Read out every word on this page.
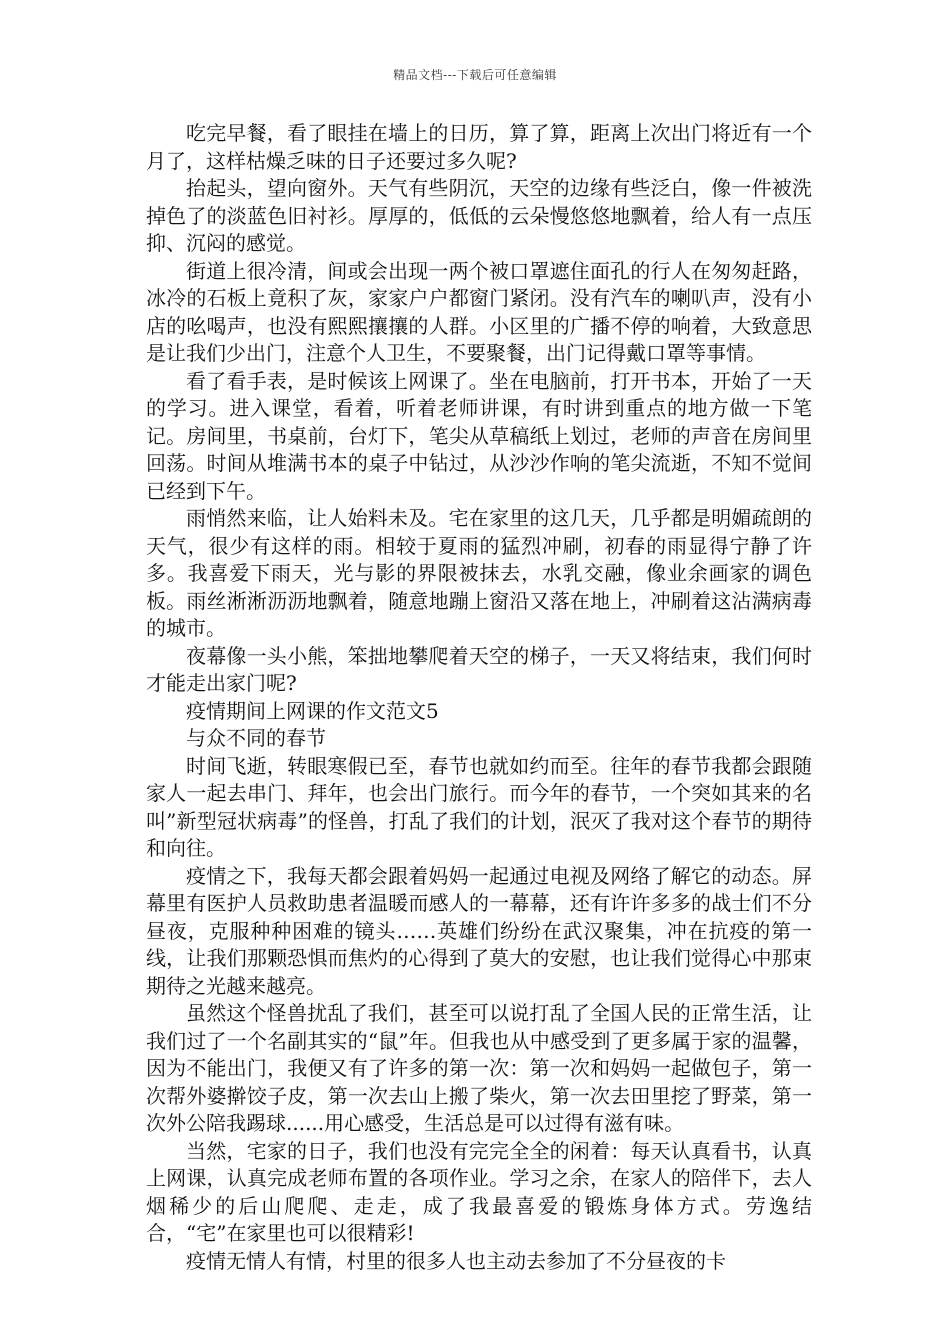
精品文档---下载后可任意编辑

吃完早餐，看了眼挂在墙上的日历，算了算，距离上次出门将近有一个月了，这样枯燥乏味的日子还要过多久呢?

抬起头，望向窗外。天气有些阴沉，天空的边缘有些泛白，像一件被洗掉色了的淡蓝色旧衬衫。厚厚的，低低的云朵慢悠悠地飘着，给人有一点压抑、沉闷的感觉。

街道上很冷清，间或会出现一两个被口罩遮住面孔的行人在匆匆赶路，冰冷的石板上竟积了灰，家家户户都窗门紧闭。没有汽车的喇叭声，没有小店的吆喝声，也没有熙熙攘攘的人群。小区里的广播不停的响着，大致意思是让我们少出门，注意个人卫生，不要聚餐，出门记得戴口罩等事情。

看了看手表，是时候该上网课了。坐在电脑前，打开书本，开始了一天的学习。进入课堂，看着，听着老师讲课，有时讲到重点的地方做一下笔记。房间里，书桌前，台灯下，笔尖从草稿纸上划过，老师的声音在房间里回荡。时间从堆满书本的桌子中钻过，从沙沙作响的笔尖流逝，不知不觉间已经到下午。

雨悄然来临，让人始料未及。宅在家里的这几天，几乎都是明媚疏朗的天气，很少有这样的雨。相较于夏雨的猛烈冲刷，初春的雨显得宁静了许多。我喜爱下雨天，光与影的界限被抹去，水乳交融，像业余画家的调色板。雨丝淅淅沥沥地飘着，随意地蹦上窗沿又落在地上，冲刷着这沾满病毒的城市。

夜幕像一头小熊，笨拙地攀爬着天空的梯子，一天又将结束，我们何时才能走出家门呢?

疫情期间上网课的作文范文5

与众不同的春节

时间飞逝，转眼寒假已至，春节也就如约而至。往年的春节我都会跟随家人一起去串门、拜年，也会出门旅行。而今年的春节，一个突如其来的名叫”新型冠状病毒”的怪兽，打乱了我们的计划，泯灭了我对这个春节的期待和向往。

疫情之下，我每天都会跟着妈妈一起通过电视及网络了解它的动态。屏幕里有医护人员救助患者温暖而感人的一幕幕，还有许许多多的战士们不分昼夜，克服种种困难的镜头……英雄们纷纷在武汉聚集，冲在抗疫的第一线，让我们那颗恐惧而焦灼的心得到了莫大的安慰，也让我们觉得心中那束期待之光越来越亮。

虽然这个怪兽扰乱了我们，甚至可以说打乱了全国人民的正常生活，让我们过了一个名副其实的“鼠”年。但我也从中感受到了更多属于家的温馨，因为不能出门，我便又有了许多的第一次：第一次和妈妈一起做包子，第一次帮外婆擀饺子皮，第一次去山上搬了柴火，第一次去田里挖了野菜，第一次外公陪我踢球......用心感受，生活总是可以过得有滋有味。

当然，宅家的日子，我们也没有完完全全的闲着：每天认真看书，认真上网课，认真完成老师布置的各项作业。学习之余，在家人的陪伴下，去人烟稀少的后山爬爬、走走，成了我最喜爱的锻炼身体方式。劳逸结合，“宅”在家里也可以很精彩!

疫情无情人有情，村里的很多人也主动去参加了不分昼夜的卡
